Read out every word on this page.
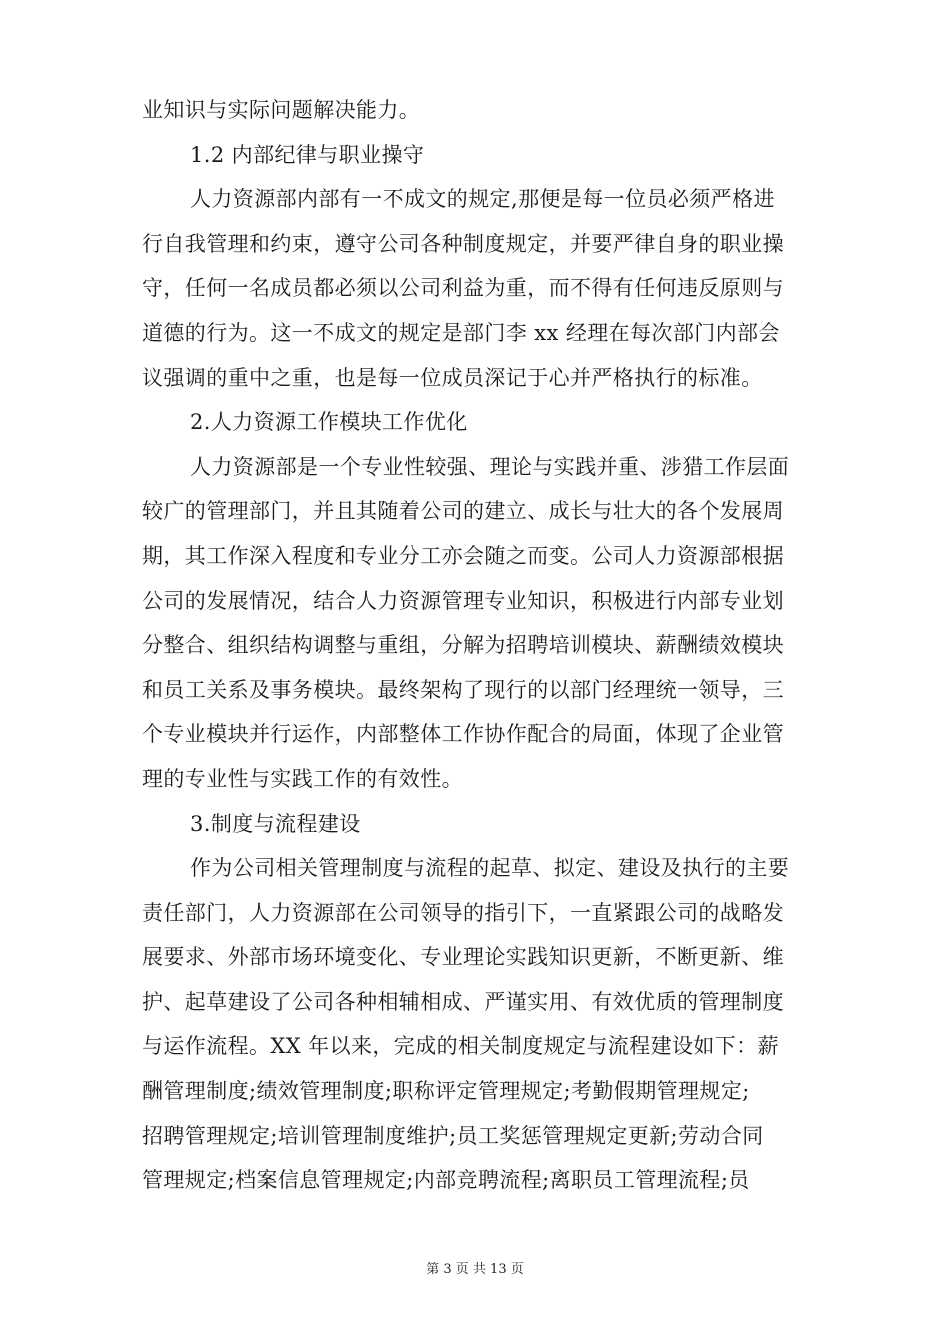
业知识与实际问题解决能力。
1.2 内部纪律与职业操守
人力资源部内部有一不成文的规定,那便是每一位员必须严格进
行自我管理和约束，遵守公司各种制度规定，并要严律自身的职业操
守，任何一名成员都必须以公司利益为重，而不得有任何违反原则与
道德的行为。这一不成文的规定是部门李 xx 经理在每次部门内部会
议强调的重中之重，也是每一位成员深记于心并严格执行的标准。
2.人力资源工作模块工作优化
人力资源部是一个专业性较强、理论与实践并重、涉猎工作层面
较广的管理部门，并且其随着公司的建立、成长与壮大的各个发展周
期，其工作深入程度和专业分工亦会随之而变。公司人力资源部根据
公司的发展情况，结合人力资源管理专业知识，积极进行内部专业划
分整合、组织结构调整与重组，分解为招聘培训模块、薪酬绩效模块
和员工关系及事务模块。最终架构了现行的以部门经理统一领导，三
个专业模块并行运作，内部整体工作协作配合的局面，体现了企业管
理的专业性与实践工作的有效性。
3.制度与流程建设
作为公司相关管理制度与流程的起草、拟定、建设及执行的主要
责任部门，人力资源部在公司领导的指引下，一直紧跟公司的战略发
展要求、外部市场环境变化、专业理论实践知识更新，不断更新、维
护、起草建设了公司各种相辅相成、严谨实用、有效优质的管理制度
与运作流程。XX 年以来，完成的相关制度规定与流程建设如下：薪
酬管理制度;绩效管理制度;职称评定管理规定;考勤假期管理规定;
招聘管理规定;培训管理制度维护;员工奖惩管理规定更新;劳动合同
管理规定;档案信息管理规定;内部竞聘流程;离职员工管理流程;员
第 3 页 共 13 页
